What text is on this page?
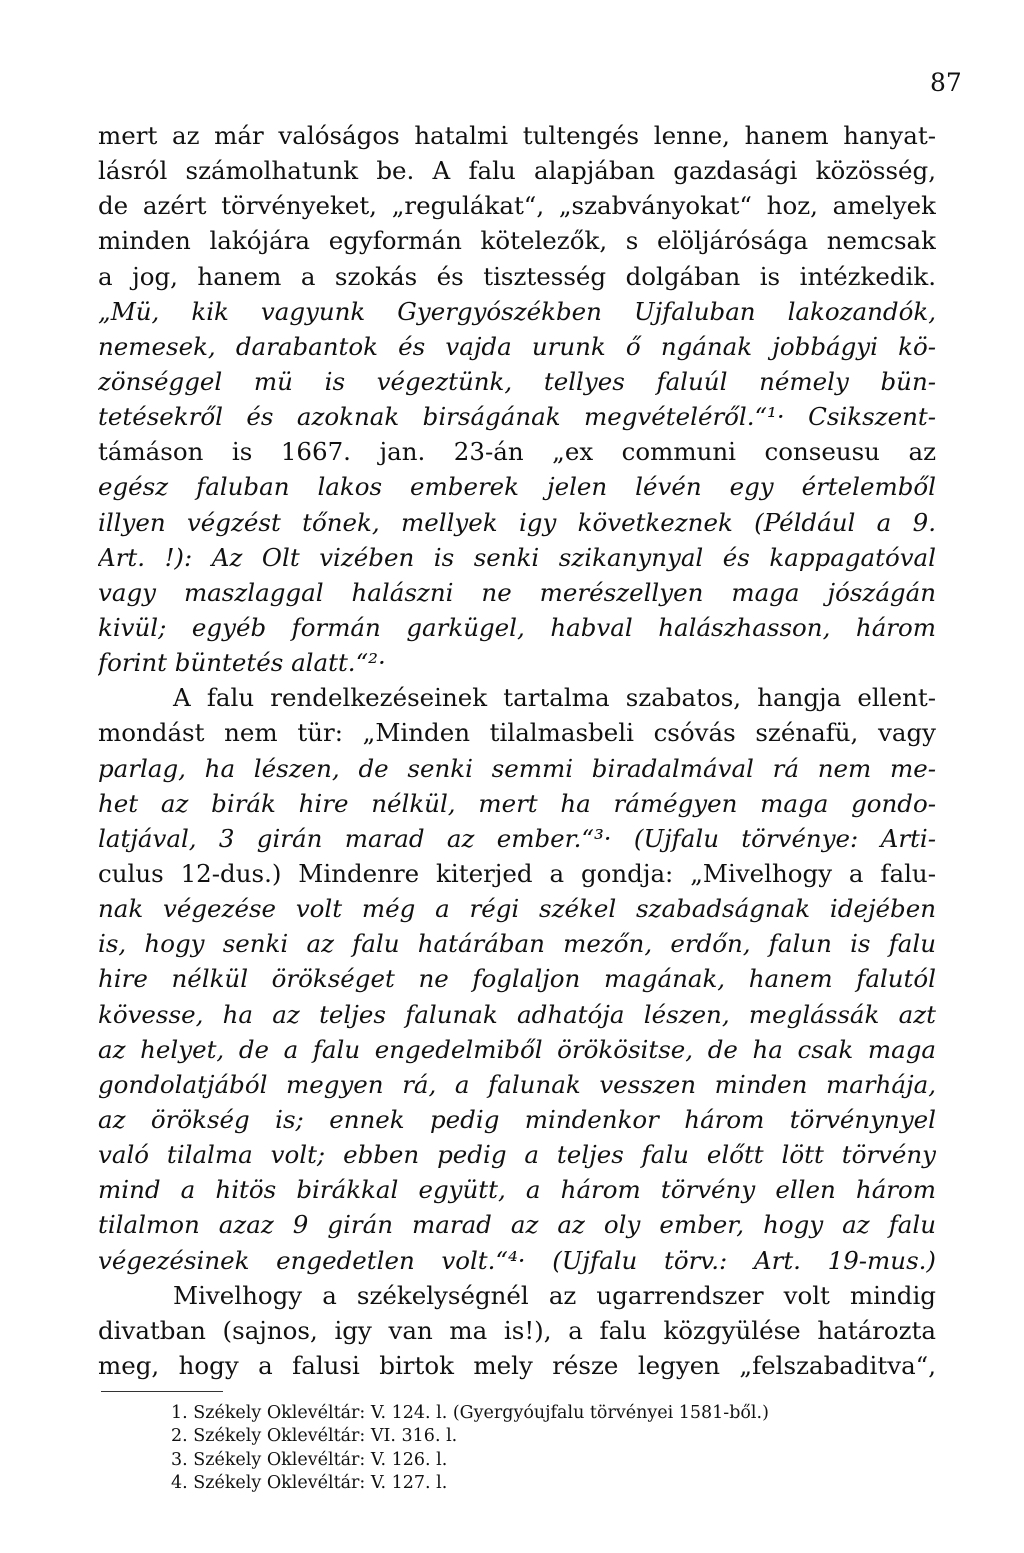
87
mert az már valóságos hatalmi tultengés lenne, hanem hanyat-
lásról számolhatunk be. A falu alapjában gazdasági közösség,
de azért törvényeket, „regulákat“, „szabványokat“ hoz, amelyek
minden lakójára egyformán kötelezők, s elöljárósága nemcsak
a jog, hanem a szokás és tisztesség dolgában is intézkedik.
„Mü, kik vagyunk Gyergyószékben Ujfaluban lakozandók,
nemesek, darabantok és vajda urunk ő ngának jobbágyi kö-
zönséggel mü is végeztünk, tellyes faluúl némely bün-
tetésekről és azoknak birságának megvételéről.“¹· Csikszent-
támáson is 1667. jan. 23-án „ex communi conseusu az
egész faluban lakos emberek jelen lévén egy értelemből
illyen végzést tőnek, mellyek igy következnek (Például a 9.
Art. !): Az Olt vizében is senki szikanynyal és kappagatóval
vagy maszlaggal halászni ne merészellyen maga jószágán
kivül; egyéb formán garkügel, habval halászhasson, három
forint büntetés alatt.“²·
A falu rendelkezéseinek tartalma szabatos, hangja ellent-
mondást nem tür: „Minden tilalmasbeli csóvás szénafü, vagy
parlag, ha lészen, de senki semmi biradalmával rá nem me-
het az birák hire nélkül, mert ha rámégyen maga gondo-
latjával, 3 girán marad az ember.“³· (Ujfalu törvénye: Arti-
culus 12-dus.) Mindenre kiterjed a gondja: „Mivelhogy a falu-
nak végezése volt még a régi székel szabadságnak idejében
is, hogy senki az falu határában mezőn, erdőn, falun is falu
hire nélkül örökséget ne foglaljon magának, hanem falutól
kövesse, ha az teljes falunak adhatója lészen, meglássák azt
az helyet, de a falu engedelmiből örökösitse, de ha csak maga
gondolatjából megyen rá, a falunak vesszen minden marhája,
az örökség is; ennek pedig mindenkor három törvénynyel
való tilalma volt; ebben pedig a teljes falu előtt lött törvény
mind a hitös birákkal együtt, a három törvény ellen három
tilalmon azaz 9 girán marad az az oly ember, hogy az falu
végezésinek engedetlen volt.“⁴· (Ujfalu törv.: Art. 19-mus.)
Mivelhogy a székelységnél az ugarrendszer volt mindig
divatban (sajnos, igy van ma is!), a falu közgyülése határozta
meg, hogy a falusi birtok mely része legyen „felszabaditva“,
1. Székely Oklevéltár: V. 124. l. (Gyergyóujfalu törvényei 1581-ből.)
2. Székely Oklevéltár: VI. 316. l.
3. Székely Oklevéltár: V. 126. l.
4. Székely Oklevéltár: V. 127. l.
